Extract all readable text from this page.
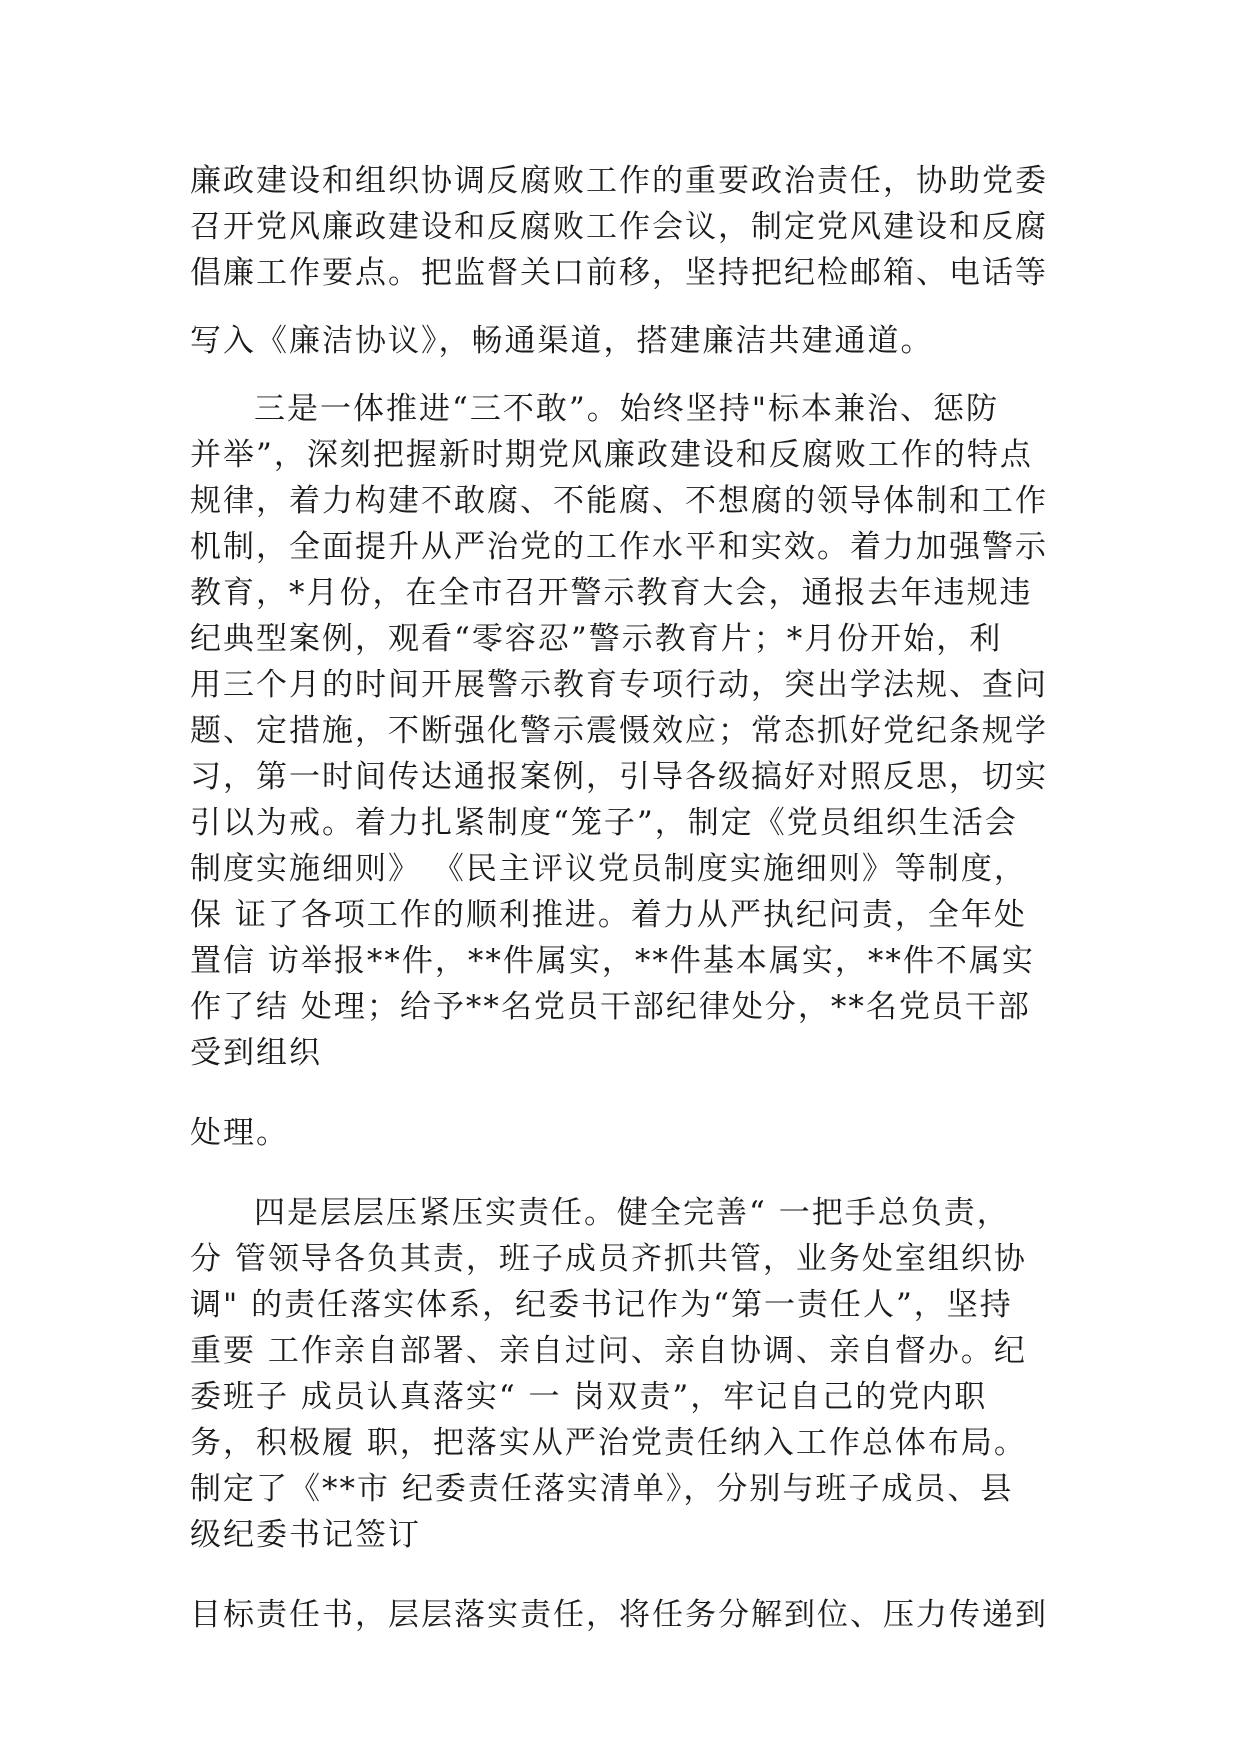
廉政建设和组织协调反腐败工作的重要政治责任，协助党委
召开党风廉政建设和反腐败工作会议，制定党风建设和反腐
倡廉工作要点。把监督关口前移，坚持把纪检邮箱、电话等
写入《廉洁协议》，畅通渠道，搭建廉洁共建通道。
三是一体推进“三不敢”。始终坚持"标本兼治、惩防
并举”，深刻把握新时期党风廉政建设和反腐败工作的特点
规律，着力构建不敢腐、不能腐、不想腐的领导体制和工作
机制，全面提升从严治党的工作水平和实效。着力加强警示
教育，*月份，在全市召开警示教育大会，通报去年违规违
纪典型案例，观看“零容忍”警示教育片；*月份开始，利
用三个月的时间开展警示教育专项行动，突出学法规、查问
题、定措施，不断强化警示震慑效应；常态抓好党纪条规学
习，第一时间传达通报案例，引导各级搞好对照反思，切实
引以为戒。着力扎紧制度“笼子”，制定《党员组织生活会
制度实施细则》 《民主评议党员制度实施细则》等制度，
保 证了各项工作的顺利推进。着力从严执纪问责，全年处
置信 访举报**件，**件属实，**件基本属实，**件不属实
作了结 处理；给予**名党员干部纪律处分，**名党员干部
受到组织
处理。
四是层层压紧压实责任。健全完善“ 一把手总负责，
分 管领导各负其责，班子成员齐抓共管，业务处室组织协
调" 的责任落实体系，纪委书记作为“第一责任人”，坚持
重要 工作亲自部署、亲自过问、亲自协调、亲自督办。纪
委班子 成员认真落实“ 一 岗双责”，牢记自己的党内职
务，积极履 职，把落实从严治党责任纳入工作总体布局。
制定了《**市 纪委责任落实清单》，分别与班子成员、县
级纪委书记签订
目标责任书，层层落实责任，将任务分解到位、压力传递到
